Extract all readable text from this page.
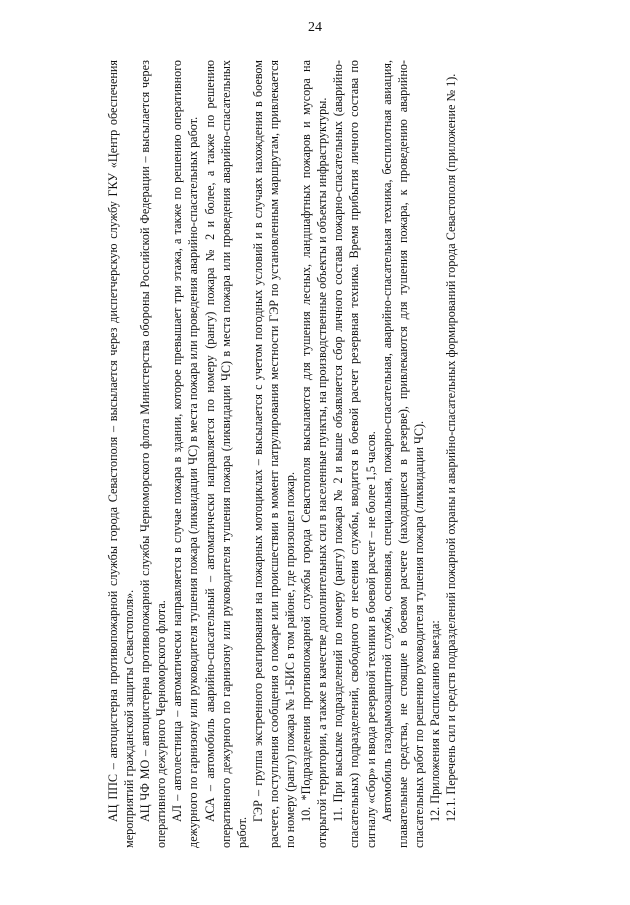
24

АЦ ППС – автоцистерна противопожарной службы города Севастополя – высылается через диспетчерскую службу ГКУ «Центр обеспечения мероприятий гражданской защиты Севастополя». АЦ ЧФ МО – автоцистерна противопожарной службы Черноморского флота Министерства обороны Российской Федерации – высылается через оперативного дежурного Черноморского флота. АЛ – автолестница – автоматически направляется в случае пожара в здании, которое превышает три этажа, а также по решению оперативного дежурного по гарнизону или руководителя тушения пожара (ликвидации ЧС) в места пожара или проведения аварийно-спасательных работ. АСА – автомобиль аварийно-спасательный – автоматически направляется по номеру (рангу) пожара № 2 и более, а также по решению оперативного дежурного по гарнизону или руководителя тушения пожара (ликвидации ЧС) в места пожара или проведения аварийно-спасательных работ.

ГЭР – группа экстренного реагирования на пожарных мотоциклах – высылается с учетом погодных условий и в случаях нахождения в боевом расчете, поступления сообщения о пожаре или происшествии в момент патрулирования местности ГЭР по установленным маршрутам, привлекается по номеру (рангу) пожара № 1-БИС в том районе, где произошел пожар. 10. *Подразделения противопожарной службы города Севастополя высылаются для тушения лесных, ландшафтных пожаров и мусора на открытой территории, а также в качестве дополнительных сил в населенные пункты, на производственные объекты и объекты инфраструктуры. 11. При высылке подразделений по номеру (рангу) пожара № 2 и выше объявляется сбор личного состава пожарно-спасательных (аварийно-спасательных) подразделений, свободного от несения службы, вводится в боевой расчет резервная техника. Время прибытия личного состава по сигналу «сбор» и ввода резервной техники в боевой расчет – не более 1,5 часов. Автомобиль газодымозащитной службы, основная, специальная, пожарно-спасательная, аварийно-спасательная техника, беспилотная авиация, плавательные средства, не стоящие в боевом расчете (находящиеся в резерве), привлекаются для тушения пожара, к проведению аварийно-спасательных работ по решению руководителя тушения пожара (ликвидации ЧС). 12. Приложения к Расписанию выезда: 12.1. Перечень сил и средств подразделений пожарной охраны и аварийно-спасательных формирований города Севастополя (приложение № 1).
